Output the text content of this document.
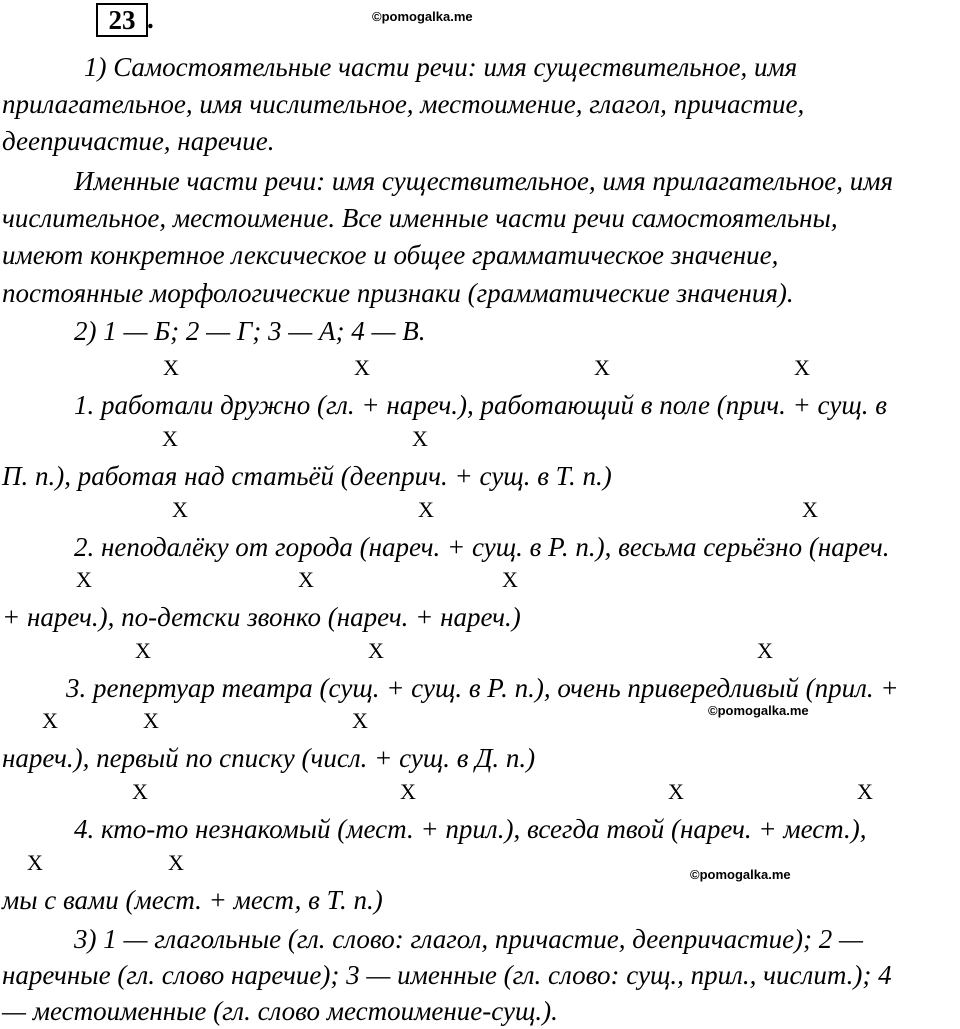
23 .	©pomogalka.me
©pomogalka.me
©pomogalka.me
1) Самостоятельные части речи: имя существительное, имя
прилагательное, имя числительное, местоимение, глагол, причастие,
деепричастие, наречие.
Именные части речи: имя существительное, имя прилагательное, имя
числительное, местоимение. Все именные части речи самостоятельны,
имеют конкретное лексическое и общее грамматическое значение,
постоянные морфологические признаки (грамматические значения).
2) 1 — Б; 2 — Г; 3 — А; 4 — В.
X	X	X	X
1. работали дружно (гл. + нареч.), работающий в поле (прич. + сущ. в
X	X
П. п.), работая над статьёй (дееприч. + сущ. в Т. п.)
X	X	X
2. неподалёку от города (нареч. + сущ. в Р. п.), весьма серьёзно (нареч.
X	X	X
+ нареч.), по-детски звонко (нареч. + нареч.)
X	X	X
3. репертуар театра (сущ. + сущ. в Р. п.), очень привередливый (прил. +
X	X	X
нареч.), первый по списку (числ. + сущ. в Д. п.)
X	X	X	X
4. кто-то незнакомый (мест. + прил.), всегда твой (нареч. + мест.),
X	X
мы с вами (мест. + мест, в Т. п.)
3) 1 — глагольные (гл. слово: глагол, причастие, деепричастие); 2 —
наречные (гл. слово наречие); 3 — именные (гл. слово: сущ., прил., числит.); 4
— местоименные (гл. слово местоимение-сущ.).
